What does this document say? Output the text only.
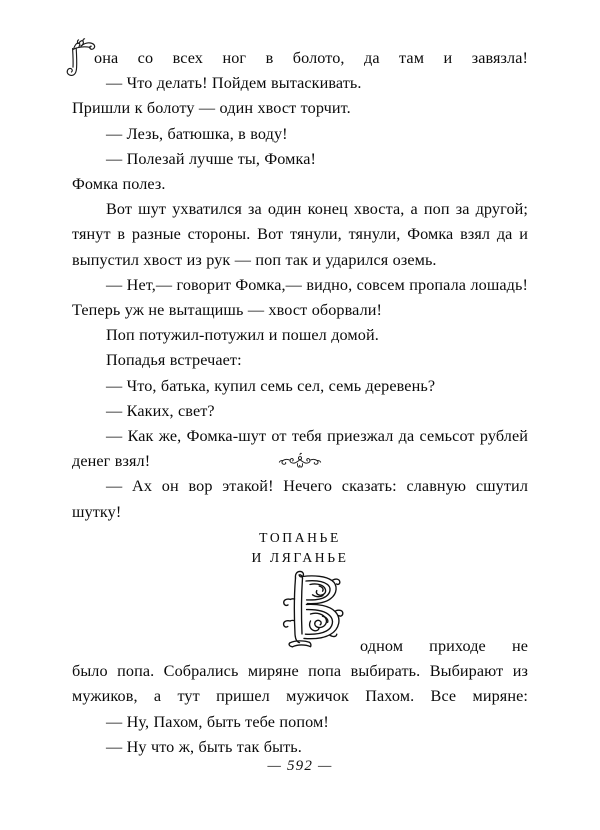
она со всех ног в болото, да там и завязла!

— Что делать! Пойдем вытаскивать.

Пришли к болоту — один хвост торчит.

— Лезь, батюшка, в воду!

— Полезай лучше ты, Фомка!

Фомка полез.

Вот шут ухватился за один конец хвоста, а поп за другой; тянут в разные стороны. Вот тянули, тянули, Фомка взял да и выпустил хвост из рук — поп так и ударился оземь.

— Нет,— говорит Фомка,— видно, совсем пропала лошадь! Теперь уж не вытащишь — хвост оборвали!

Поп потужил-потужил и пошел домой.

Попадья встречает:

— Что, батька, купил семь сел, семь деревень?

— Каких, свет?

— Как же, Фомка-шут от тебя приезжал да семьсот рублей денег взял!

— Ах он вор этакой! Нечего сказать: славную сшутил шутку!

ТОПАНЬЕ
И ЛЯГАНЬЕ

одном приходе не

было попа. Собрались миряне попа выбирать. Выбирают из мужиков, а тут пришел мужичок Пахом. Все миряне:

— Ну, Пахом, быть тебе попом!

— Ну что ж, быть так быть.

— 592 —
